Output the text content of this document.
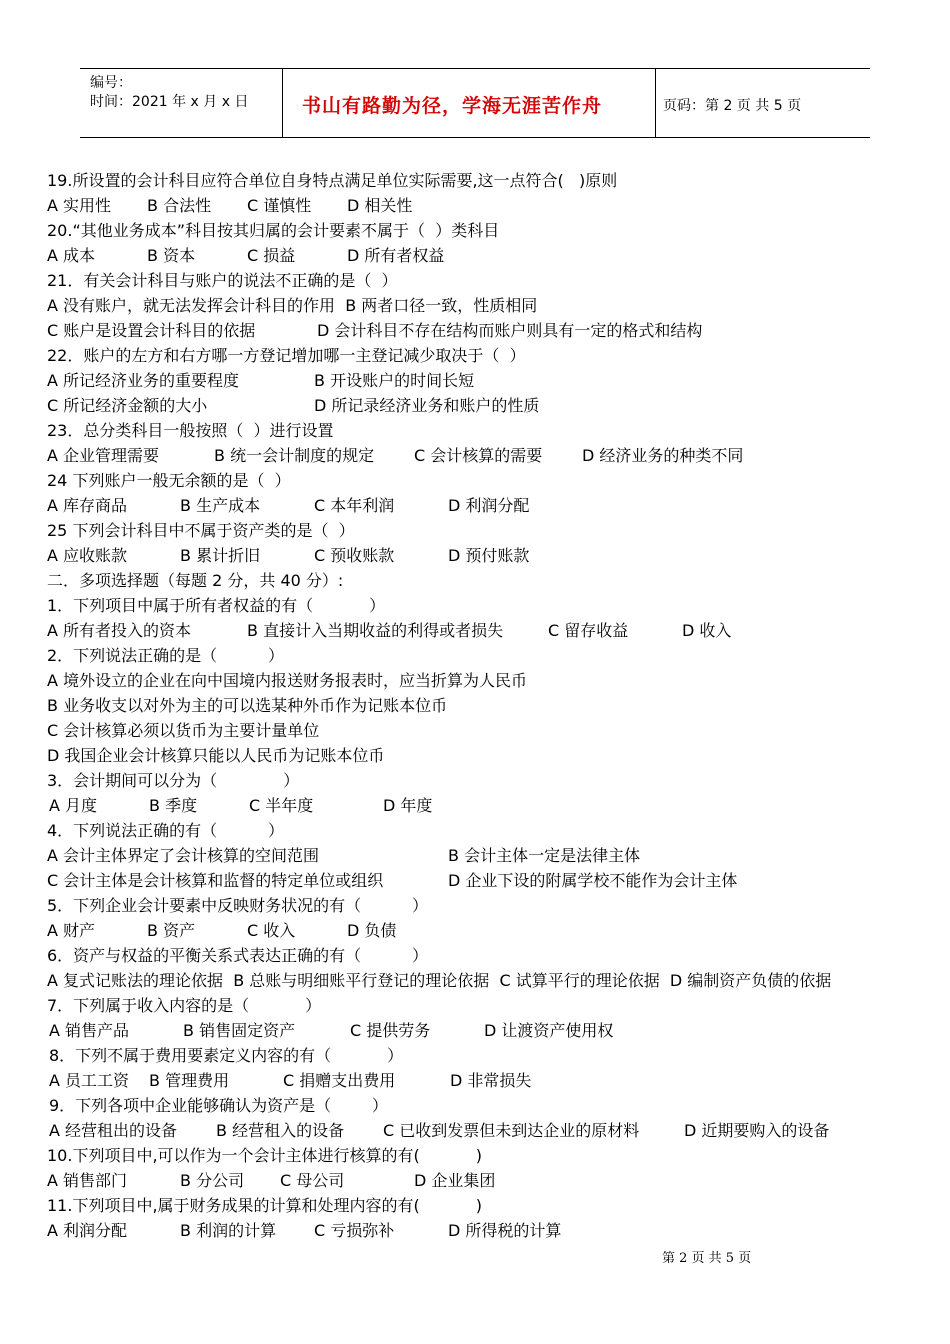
编号：
时间：2021 年 x 月 x 日	书山有路勤为径，学海无涯苦作舟	页码：第 2 页 共 5 页
19.所设置的会计科目应符合单位自身特点满足单位实际需要,这一点符合(   )原则
A 实用性 B 合法性 C 谨慎性 D 相关性
20.“其他业务成本”科目按其归属的会计要素不属于（  ）类科目
A 成本	B 资本	C 损益	D 所有者权益
21．有关会计科目与账户的说法不正确的是（  ）
A 没有账户，就无法发挥会计科目的作用  B 两者口径一致，性质相同
C 账户是设置会计科目的依据	D 会计科目不存在结构而账户则具有一定的格式和结构
22．账户的左方和右方哪一方登记增加哪一主登记减少取决于（  ）
A 所记经济业务的重要程度	B 开设账户的时间长短
C 所记经济金额的大小	D 所记录经济业务和账户的性质
23．总分类科目一般按照（  ）进行设置
A 企业管理需要	B 统一会计制度的规定 C 会计核算的需要 D 经济业务的种类不同
24 下列账户一般无余额的是（  ）
A 库存商品	B 生产成本	C 本年利润	D 利润分配
25 下列会计科目中不属于资产类的是（  ）
A 应收账款	B 累计折旧	C 预收账款	D 预付账款
二．多项选择题（每题 2 分，共 40 分）:
1．下列项目中属于所有者权益的有（           ）
A 所有者投入的资本	B 直接计入当期收益的利得或者损失	C 留存收益	D 收入
2．下列说法正确的是（          ）
A 境外设立的企业在向中国境内报送财务报表时，应当折算为人民币
B 业务收支以对外为主的可以选某种外币作为记账本位币
C 会计核算必须以货币为主要计量单位
D 我国企业会计核算只能以人民币为记账本位币
3．会计期间可以分为（             ）
A 月度	B 季度	C 半年度	D 年度
4．下列说法正确的有（          ）
A 会计主体界定了会计核算的空间范围	B 会计主体一定是法律主体
C 会计主体是会计核算和监督的特定单位或组织	D 企业下设的附属学校不能作为会计主体
5．下列企业会计要素中反映财务状况的有（          ）
A 财产	B 资产	C 收入	D 负债
6．资产与权益的平衡关系式表达正确的有（          ）
A 复式记账法的理论依据  B 总账与明细账平行登记的理论依据  C 试算平行的理论依据  D 编制资产负债的依据
7．下列属于收入内容的是（           ）
A 销售产品	B 销售固定资产	C 提供劳务	D 让渡资产使用权
8．下列不属于费用要素定义内容的有（           ）
A 员工工资 B 管理费用	C 捐赠支出费用	D 非常损失
9．下列各项中企业能够确认为资产是（        ）
A 经营租出的设备 B 经营租入的设备 C 已收到发票但未到达企业的原材料	D 近期要购入的设备
10.下列项目中,可以作为一个会计主体进行核算的有(           )
A 销售部门	B 分公司 C 母公司	D 企业集团
11.下列项目中,属于财务成果的计算和处理内容的有(           )
A 利润分配	B 利润的计算 C 亏损弥补	D 所得税的计算
第 2 页 共 5 页
